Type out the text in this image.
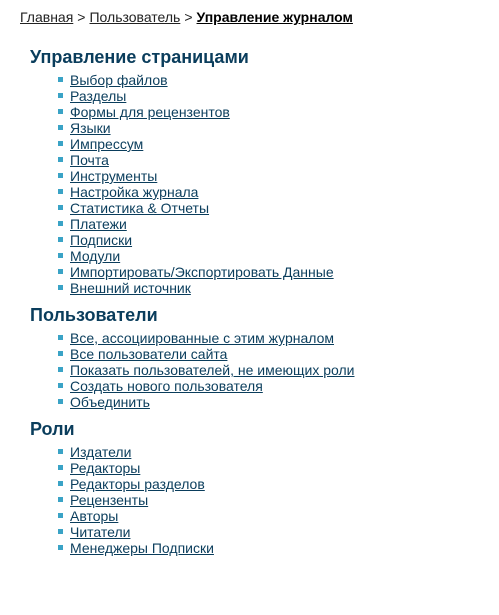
Главная > Пользователь > Управление журналом
Управление страницами
Выбор файлов
Разделы
Формы для рецензентов
Языки
Импрессум
Почта
Инструменты
Настройка журнала
Статистика & Отчеты
Платежи
Подписки
Модули
Импортировать/Экспортировать Данные
Внешний источник
Пользователи
Все, ассоциированные с этим журналом
Все пользователи сайта
Показать пользователей, не имеющих роли
Создать нового пользователя
Объединить
Роли
Издатели
Редакторы
Редакторы разделов
Рецензенты
Авторы
Читатели
Менеджеры Подписки
